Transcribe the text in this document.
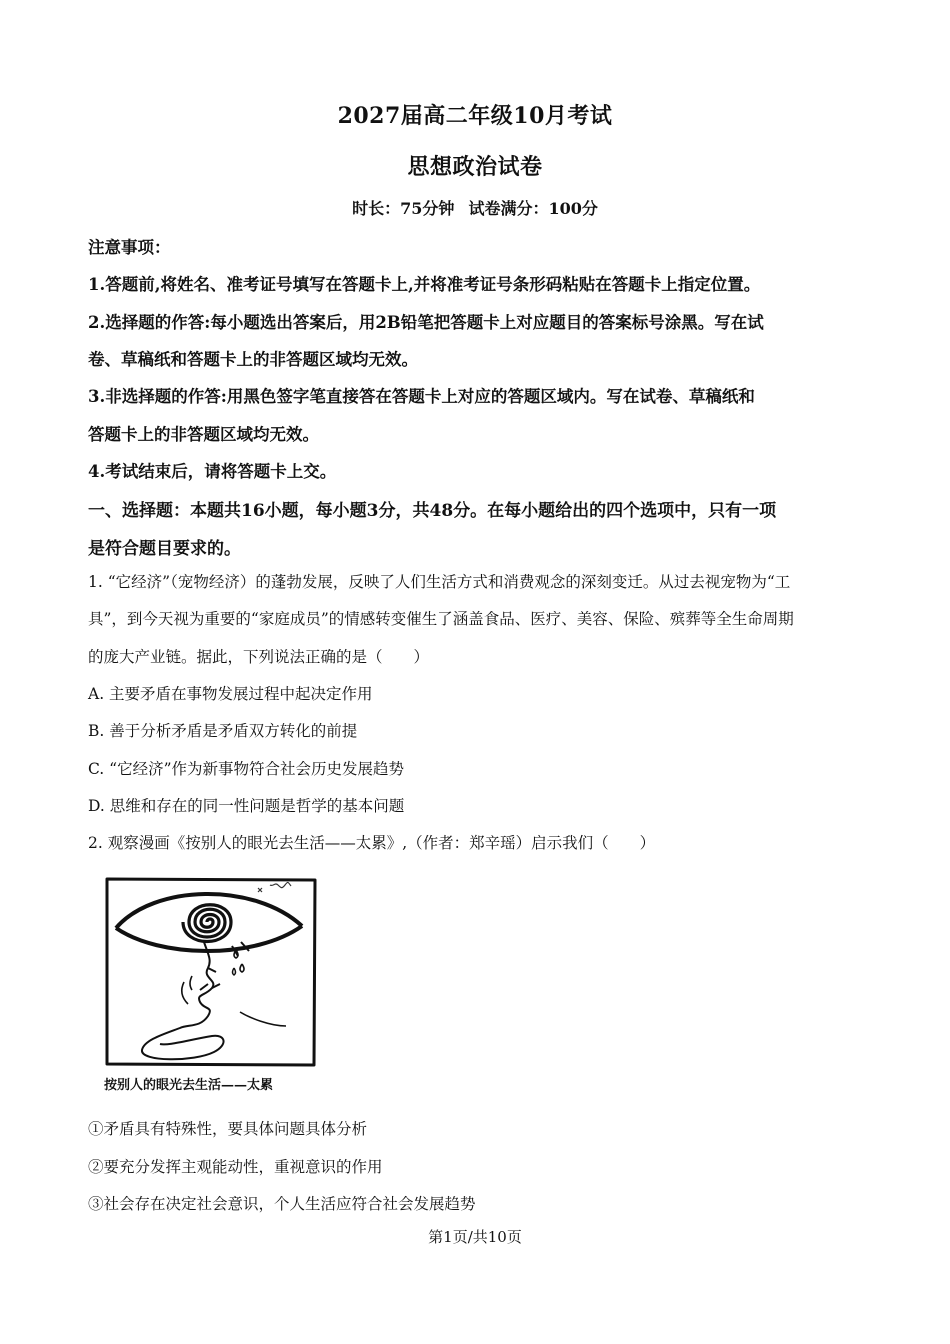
2027届高二年级10月考试

思想政治试卷

时长：75分钟 试卷满分：100分

注意事项：

1.答题前,将姓名、准考证号填写在答题卡上,并将准考证号条形码粘贴在答题卡上指定位置。

2.选择题的作答:每小题选出答案后，用2B铅笔把答题卡上对应题目的答案标号涂黑。写在试

卷、草稿纸和答题卡上的非答题区域均无效。

3.非选择题的作答:用黑色签字笔直接答在答题卡上对应的答题区域内。写在试卷、草稿纸和

答题卡上的非答题区域均无效。

4.考试结束后，请将答题卡上交。

一、选择题：本题共16小题，每小题3分，共48分。在每小题给出的四个选项中，只有一项

是符合题目要求的。

1. “它经济”（宠物经济）的蓬勃发展，反映了人们生活方式和消费观念的深刻变迁。从过去视宠物为“工

具”，到今天视为重要的“家庭成员”的情感转变催生了涵盖食品、医疗、美容、保险、殡葬等全生命周期

的庞大产业链。据此，下列说法正确的是（　　）

A. 主要矛盾在事物发展过程中起决定作用

B. 善于分析矛盾是矛盾双方转化的前提

C. “它经济”作为新事物符合社会历史发展趋势

D. 思维和存在的同一性问题是哲学的基本问题

2. 观察漫画《按别人的眼光去生活——太累》,（作者：郑辛瑶）启示我们（　　）

按别人的眼光去生活——太累

①矛盾具有特殊性，要具体问题具体分析

②要充分发挥主观能动性，重视意识的作用

③社会存在决定社会意识，个人生活应符合社会发展趋势

第1页/共10页
